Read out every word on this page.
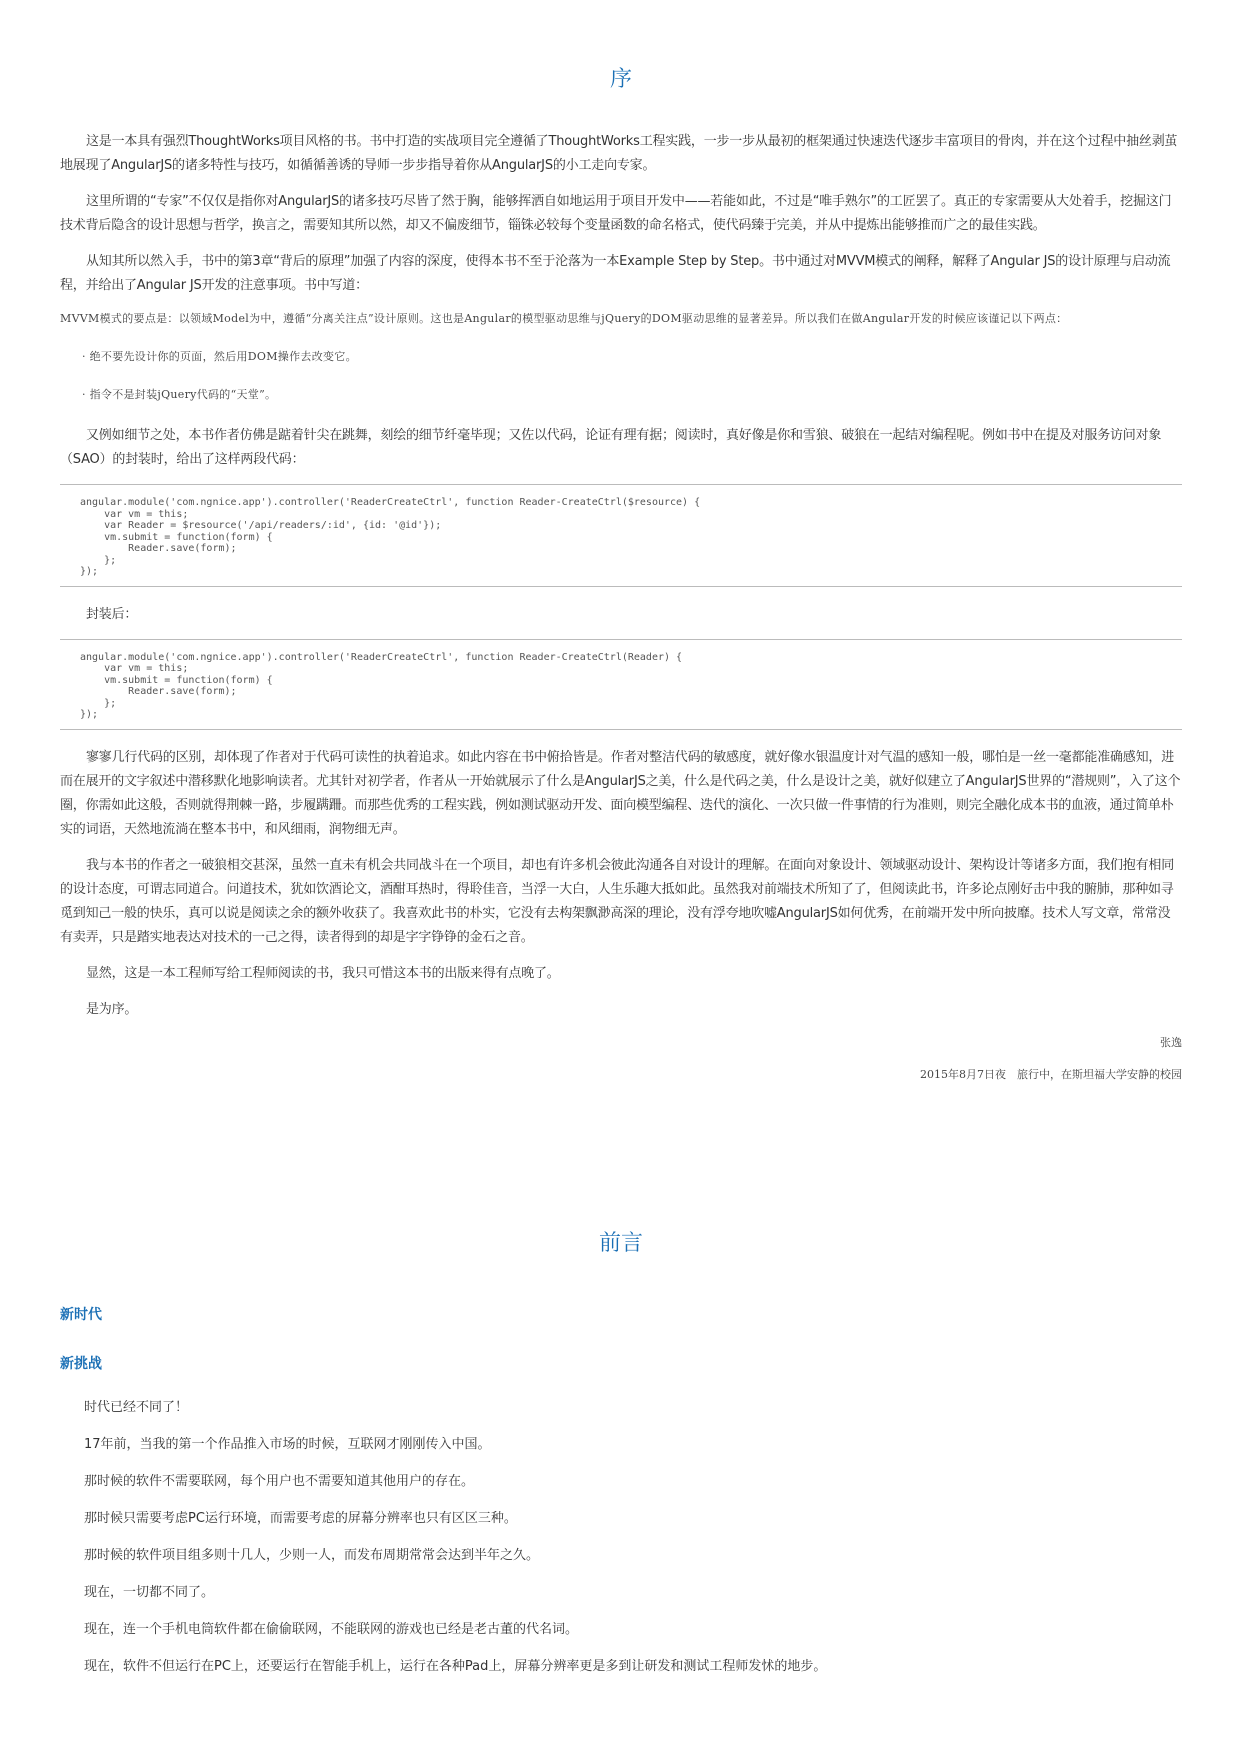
序

这是一本具有强烈ThoughtWorks项目风格的书。书中打造的实战项目完全遵循了ThoughtWorks工程实践，一步一步从最初的框架通过快速迭代逐步丰富项目的骨肉，并在这个过程中抽丝剥茧地展现了AngularJS的诸多特性与技巧，如循循善诱的导师一步步指导着你从AngularJS的小工走向专家。

这里所谓的“专家”不仅仅是指你对AngularJS的诸多技巧尽皆了然于胸，能够挥洒自如地运用于项目开发中——若能如此，不过是“唯手熟尔”的工匠罢了。真正的专家需要从大处着手，挖掘这门技术背后隐含的设计思想与哲学，换言之，需要知其所以然，却又不偏废细节，锱铢必较每个变量函数的命名格式，使代码臻于完美，并从中提炼出能够推而广之的最佳实践。

从知其所以然入手，书中的第3章“背后的原理”加强了内容的深度，使得本书不至于沦落为一本Example Step by Step。书中通过对MVVM模式的阐释，解释了Angular JS的设计原理与启动流程，并给出了Angular JS开发的注意事项。书中写道：

MVVM模式的要点是：以领域Model为中，遵循“分离关注点”设计原则。这也是Angular的模型驱动思维与jQuery的DOM驱动思维的显著差异。所以我们在做Angular开发的时候应该谨记以下两点：

· 绝不要先设计你的页面，然后用DOM操作去改变它。

· 指令不是封装jQuery代码的“天堂”。

又例如细节之处，本书作者仿佛是踮着针尖在跳舞，刻绘的细节纤毫毕现；又佐以代码，论证有理有据；阅读时，真好像是你和雪狼、破狼在一起结对编程呢。例如书中在提及对服务访问对象（SAO）的封装时，给出了这样两段代码：

angular.module('com.ngnice.app').controller('ReaderCreateCtrl', function Reader-CreateCtrl($resource) {
var vm = this;
var Reader = $resource('/api/readers/:id', {id: '@id'});
vm.submit = function(form) {
Reader.save(form);
};
});

封装后：

angular.module('com.ngnice.app').controller('ReaderCreateCtrl', function Reader-CreateCtrl(Reader) {
var vm = this;
vm.submit = function(form) {
Reader.save(form);
};
});

寥寥几行代码的区别，却体现了作者对于代码可读性的执着追求。如此内容在书中俯拾皆是。作者对整洁代码的敏感度，就好像水银温度计对气温的感知一般，哪怕是一丝一毫都能准确感知，进而在展开的文字叙述中潜移默化地影响读者。尤其针对初学者，作者从一开始就展示了什么是AngularJS之美，什么是代码之美，什么是设计之美，就好似建立了AngularJS世界的“潜规则”，入了这个圈，你需如此这般，否则就得荆棘一路，步履蹒跚。而那些优秀的工程实践，例如测试驱动开发、面向模型编程、迭代的演化、一次只做一件事情的行为准则，则完全融化成本书的血液，通过简单朴实的词语，天然地流淌在整本书中，和风细雨，润物细无声。

我与本书的作者之一破狼相交甚深，虽然一直未有机会共同战斗在一个项目，却也有许多机会彼此沟通各自对设计的理解。在面向对象设计、领域驱动设计、架构设计等诸多方面，我们抱有相同的设计态度，可谓志同道合。问道技术，犹如饮酒论文，酒酣耳热时，得聆佳音，当浮一大白，人生乐趣大抵如此。虽然我对前端技术所知了了，但阅读此书，许多论点刚好击中我的腑肺，那种如寻觅到知己一般的快乐，真可以说是阅读之余的额外收获了。我喜欢此书的朴实，它没有去构架飘渺高深的理论，没有浮夸地吹嘘AngularJS如何优秀，在前端开发中所向披靡。技术人写文章，常常没有卖弄，只是踏实地表达对技术的一己之得，读者得到的却是字字铮铮的金石之音。

显然，这是一本工程师写给工程师阅读的书，我只可惜这本书的出版来得有点晚了。

是为序。

张逸

2015年8月7日夜　旅行中，在斯坦福大学安静的校园

前言
新时代
新挑战

时代已经不同了！

17年前，当我的第一个作品推入市场的时候，互联网才刚刚传入中国。

那时候的软件不需要联网，每个用户也不需要知道其他用户的存在。

那时候只需要考虑PC运行环境，而需要考虑的屏幕分辨率也只有区区三种。

那时候的软件项目组多则十几人，少则一人，而发布周期常常会达到半年之久。

现在，一切都不同了。

现在，连一个手机电筒软件都在偷偷联网，不能联网的游戏也已经是老古董的代名词。

现在，软件不但运行在PC上，还要运行在智能手机上，运行在各种Pad上，屏幕分辨率更是多到让研发和测试工程师发怵的地步。
